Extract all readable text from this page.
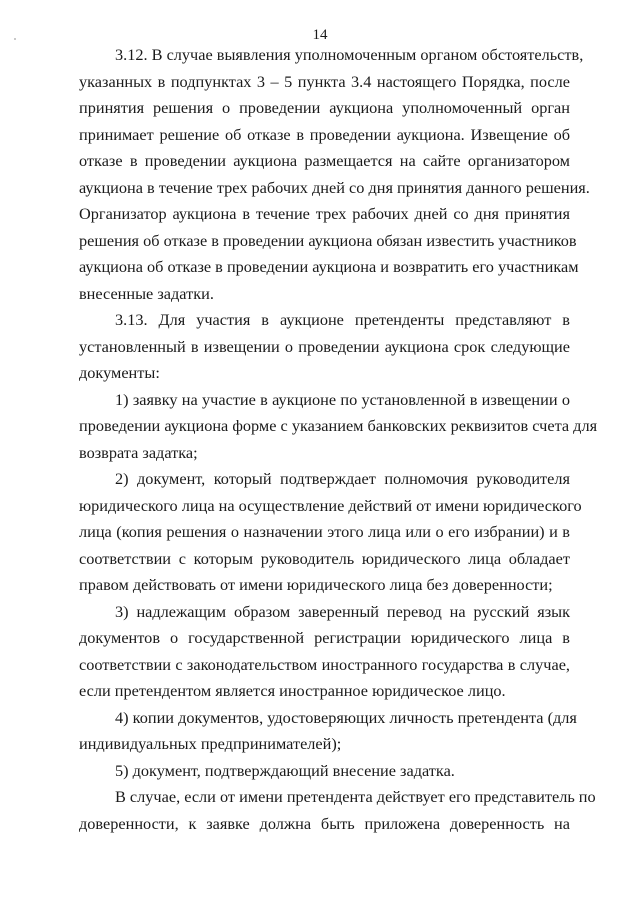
14
3.12. В случае выявления уполномоченным органом обстоятельств,
указанных в подпунктах 3 – 5 пункта 3.4 настоящего Порядка, после
принятия решения о проведении аукциона уполномоченный орган
принимает решение об отказе в проведении аукциона. Извещение об
отказе в проведении аукциона размещается на сайте организатором
аукциона в течение трех рабочих дней со дня принятия данного решения.
Организатор аукциона в течение трех рабочих дней со дня принятия
решения об отказе в проведении аукциона обязан известить участников
аукциона об отказе в проведении аукциона и возвратить его участникам
внесенные задатки.
3.13. Для участия в аукционе претенденты представляют в
установленный в извещении о проведении аукциона срок следующие
документы:
1) заявку на участие в аукционе по установленной в извещении о
проведении аукциона форме с указанием банковских реквизитов счета для
возврата задатка;
2) документ, который подтверждает полномочия руководителя
юридического лица на осуществление действий от имени юридического
лица (копия решения о назначении этого лица или о его избрании) и в
соответствии с которым руководитель юридического лица обладает
правом действовать от имени юридического лица без доверенности;
3) надлежащим образом заверенный перевод на русский язык
документов о государственной регистрации юридического лица в
соответствии с законодательством иностранного государства в случае,
если претендентом является иностранное юридическое лицо.
4) копии документов, удостоверяющих личность претендента (для
индивидуальных предпринимателей);
5) документ, подтверждающий внесение задатка.
В случае, если от имени претендента действует его представитель по
доверенности, к заявке должна быть приложена доверенность на
